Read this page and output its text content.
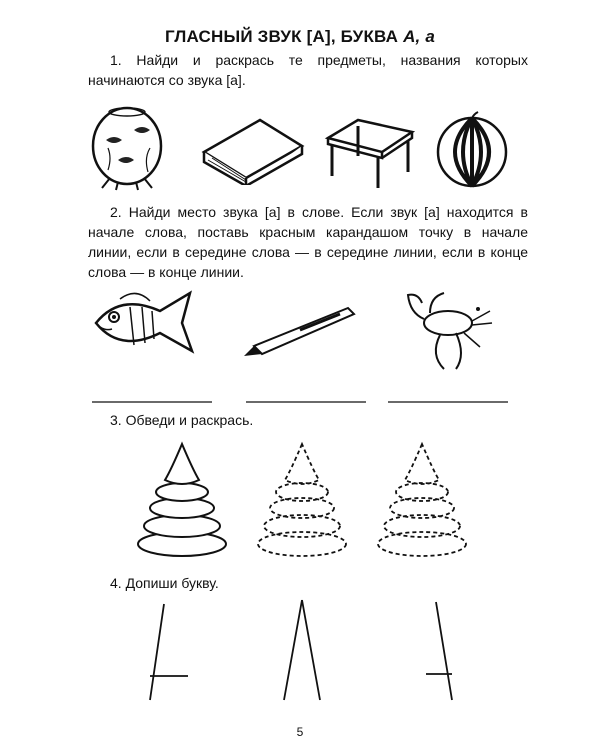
ГЛАСНЫЙ ЗВУК [А], БУКВА А, а
1. Найди и раскрась те предметы, названия которых начинаются со звука [а].
2. Найди место звука [а] в слове. Если звук [а] находится в начале слова, поставь красным карандашом точку в начале линии, если в середине слова — в середине линии, если в конце слова — в конце линии.
3. Обведи и раскрась.
4. Допиши букву.
5
